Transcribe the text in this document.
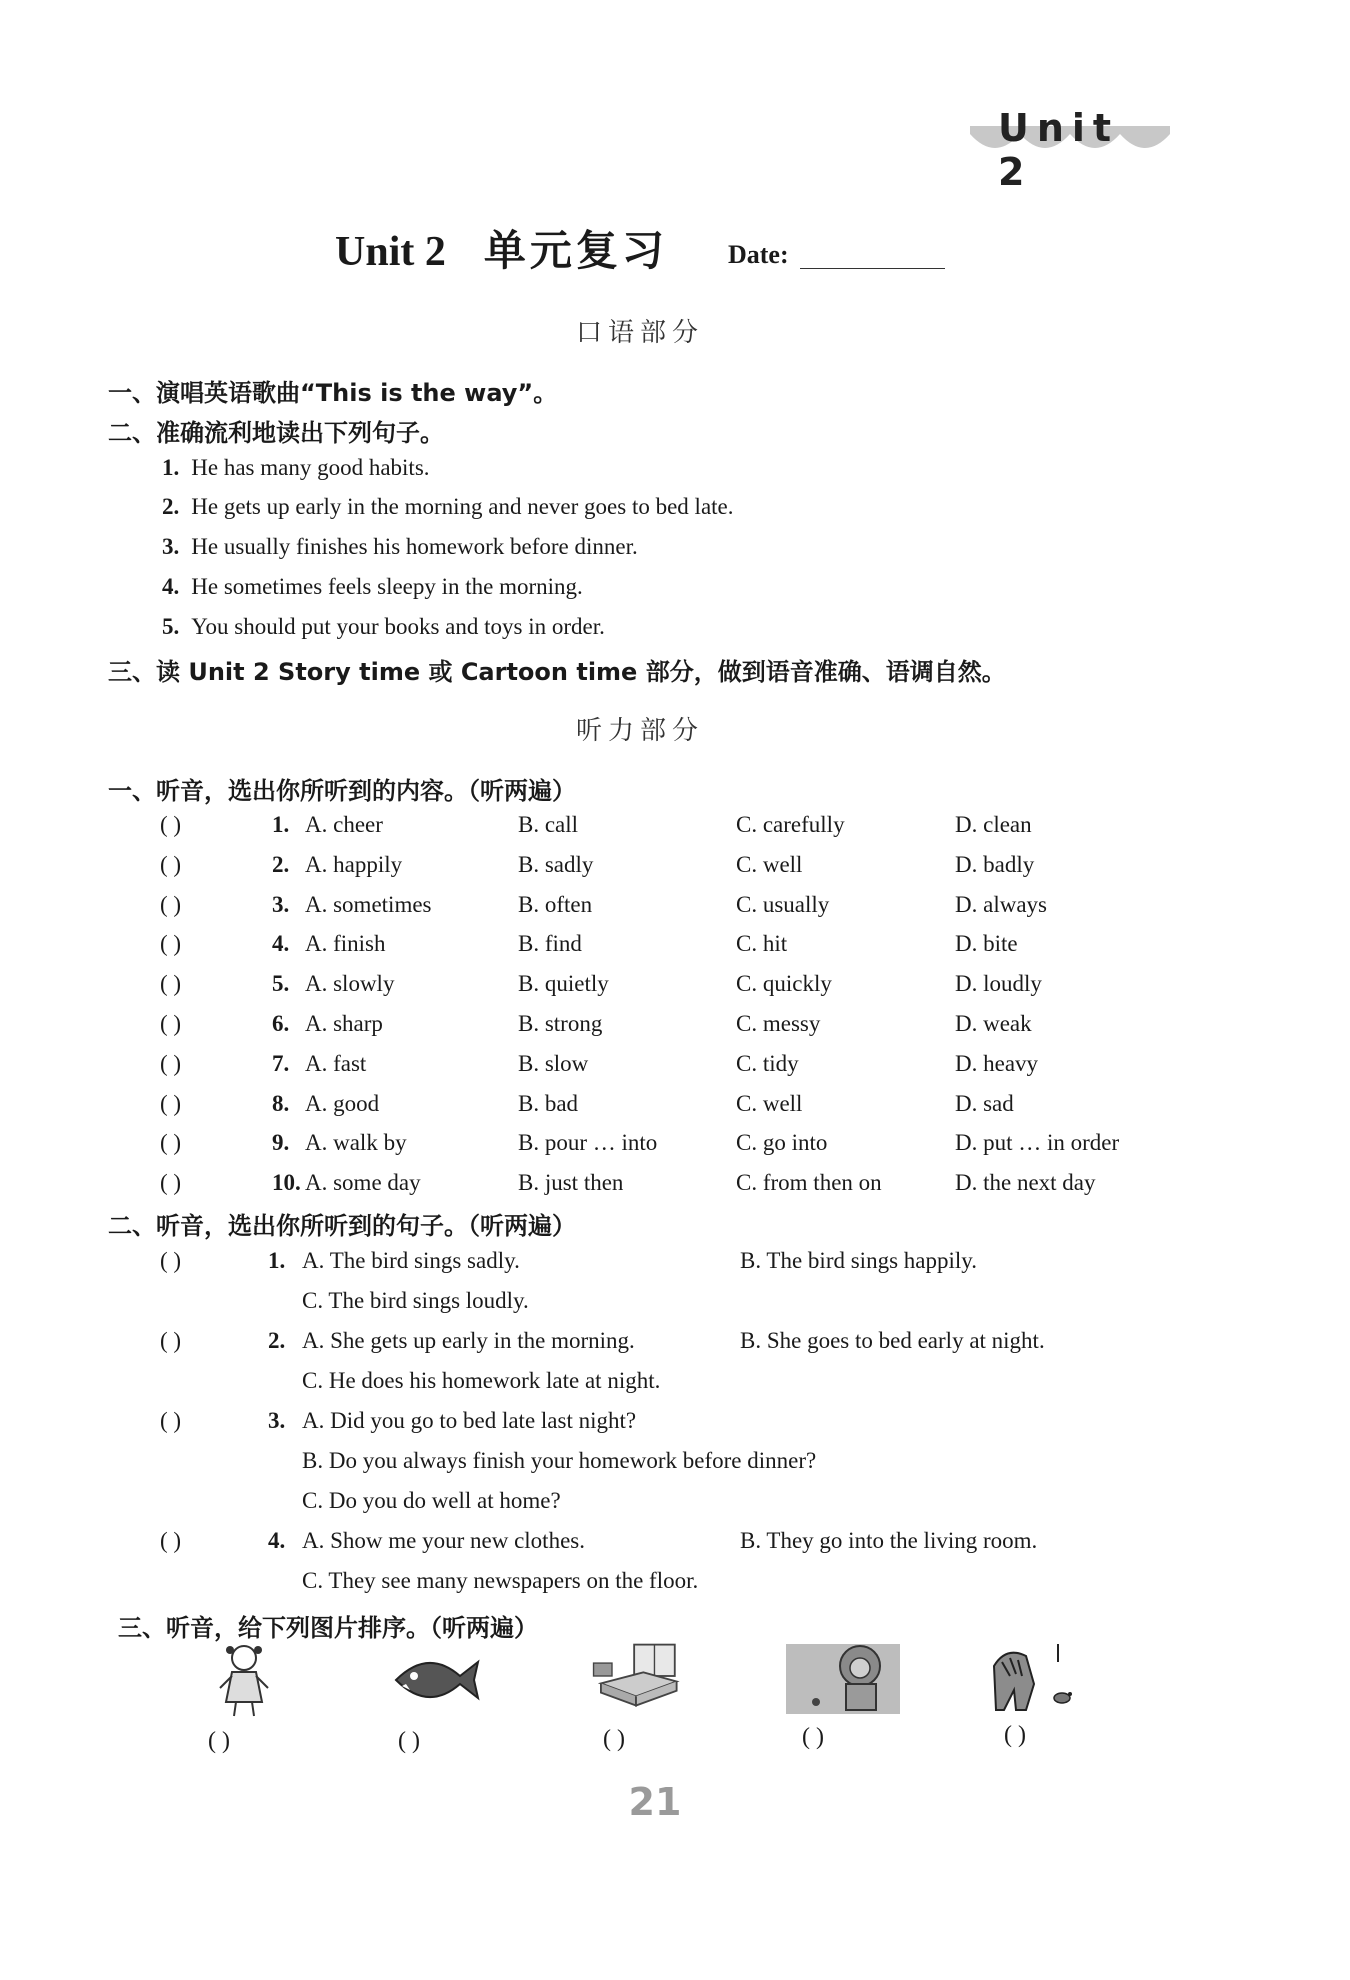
Unit 2
Unit 2 单元复习 Date:
口语部分
一、演唱英语歌曲“This is the way”。
二、准确流利地读出下列句子。
1. He has many good habits.
2. He gets up early in the morning and never goes to bed late.
3. He usually finishes his homework before dinner.
4. He sometimes feels sleepy in the morning.
5. You should put your books and toys in order.
三、读 Unit 2 Story time 或 Cartoon time 部分，做到语音准确、语调自然。
听力部分
一、听音，选出你所听到的内容。（听两遍）
( )	1. A. cheer	B. call	C. carefully	D. clean
( )	2. A. happily	B. sadly	C. well	D. badly
( )	3. A. sometimes	B. often	C. usually	D. always
( )	4. A. finish	B. find	C. hit	D. bite
( )	5. A. slowly	B. quietly	C. quickly	D. loudly
( )	6. A. sharp	B. strong	C. messy	D. weak
( )	7. A. fast	B. slow	C. tidy	D. heavy
( )	8. A. good	B. bad	C. well	D. sad
( )	9. A. walk by	B. pour … into	C. go into	D. put … in order
( )	10. A. some day	B. just then	C. from then on	D. the next day
二、听音，选出你所听到的句子。（听两遍）
( )	1. A. The bird sings sadly.	B. The bird sings happily.
C. The bird sings loudly.
( )	2. A. She gets up early in the morning.	B. She goes to bed early at night.
C. He does his homework late at night.
( )	3. A. Did you go to bed late last night?
B. Do you always finish your homework before dinner?
C. Do you do well at home?
( )	4. A. Show me your new clothes.	B. They go into the living room.
C. They see many newspapers on the floor.
三、听音，给下列图片排序。（听两遍）
( )	( )	( )	( )	( )
21
